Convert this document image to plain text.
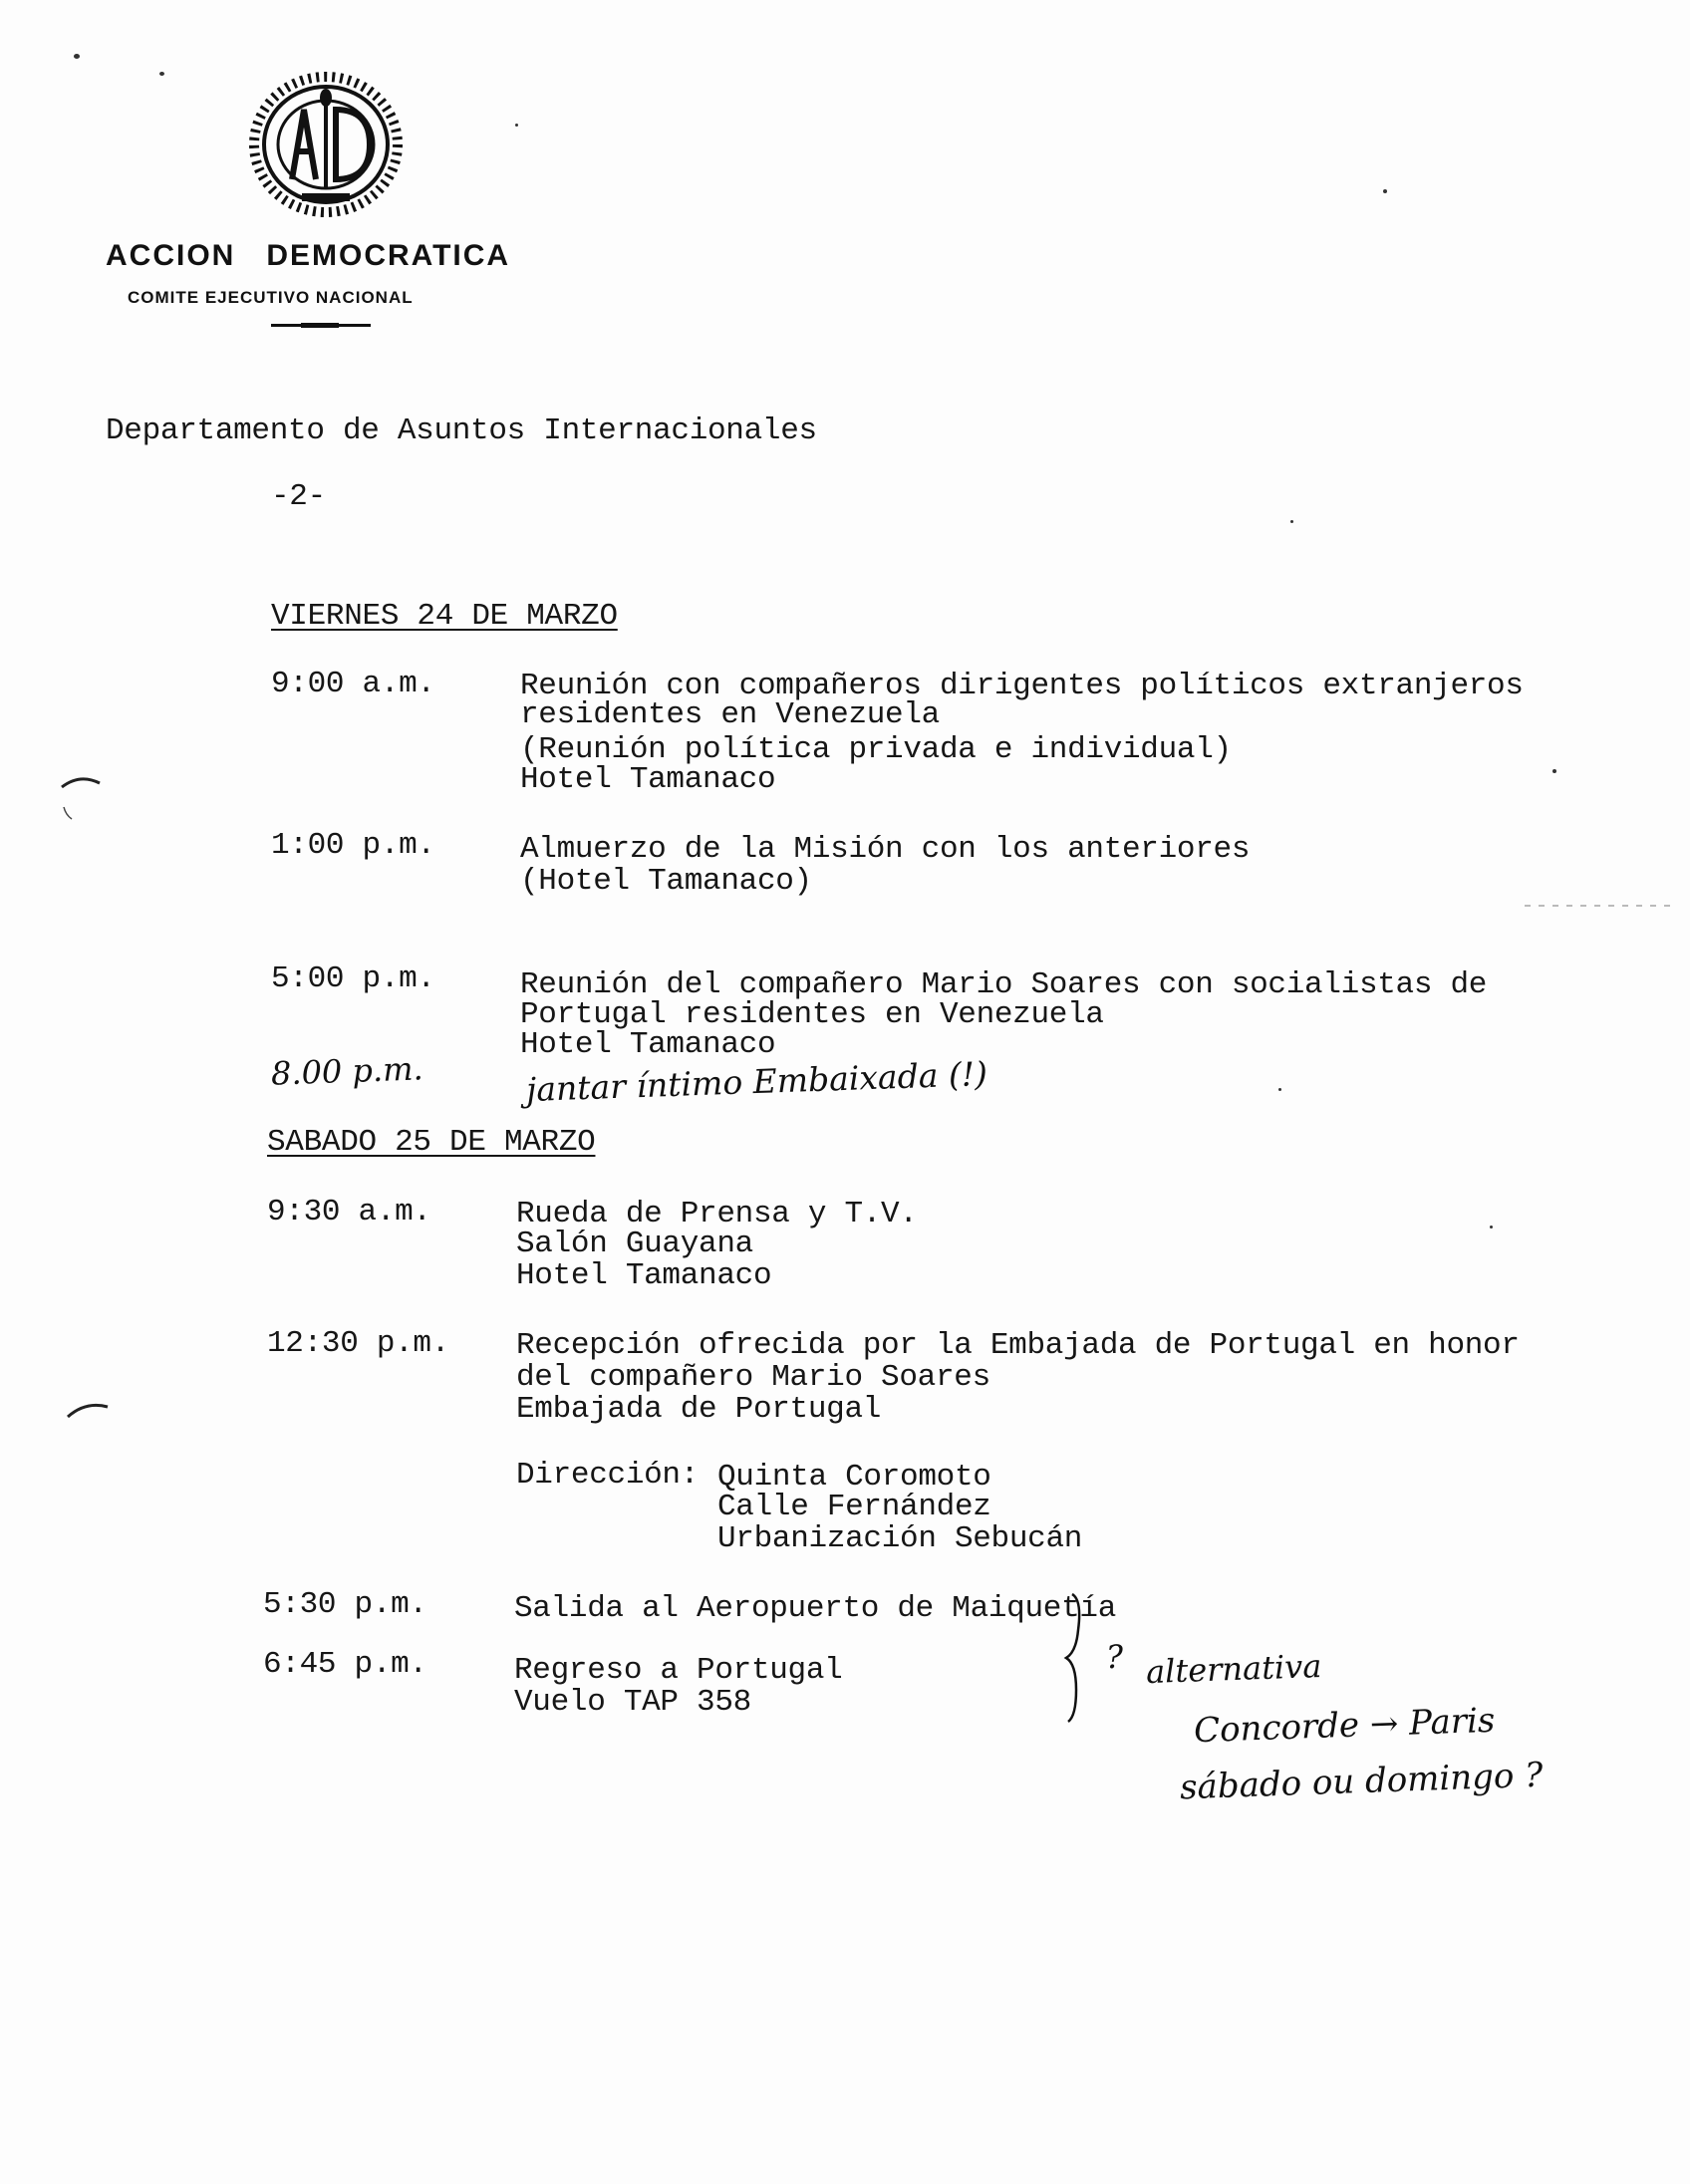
ACCION   DEMOCRATICA
COMITE EJECUTIVO NACIONAL
Departamento de Asuntos Internacionales
-2-
VIERNES 24 DE MARZO
9:00 a.m.	Reunión con compañeros dirigentes políticos extranjeros
residentes en Venezuela
(Reunión política privada e individual)
Hotel Tamanaco
1:00 p.m.	Almuerzo de la Misión con los anteriores
(Hotel Tamanaco)
5:00 p.m.	Reunión del compañero Mario Soares con socialistas de
Portugal residentes en Venezuela
Hotel Tamanaco
8.00 p.m.	jantar íntimo Embaixada (!)
SABADO 25 DE MARZO
9:30 a.m.	Rueda de Prensa y T.V.
Salón Guayana
Hotel Tamanaco
12:30 p.m. Recepción ofrecida por la Embajada de Portugal en honor
del compañero Mario Soares
Embajada de Portugal
Dirección: Quinta Coromoto
Calle Fernández
Urbanización Sebucán
5:30 p.m.	Salida al Aeropuerto de Maiquetía
6:45 p.m.	Regreso a Portugal
Vuelo TAP 358
? alternativa
Concorde → Paris
sábado ou domingo ?
